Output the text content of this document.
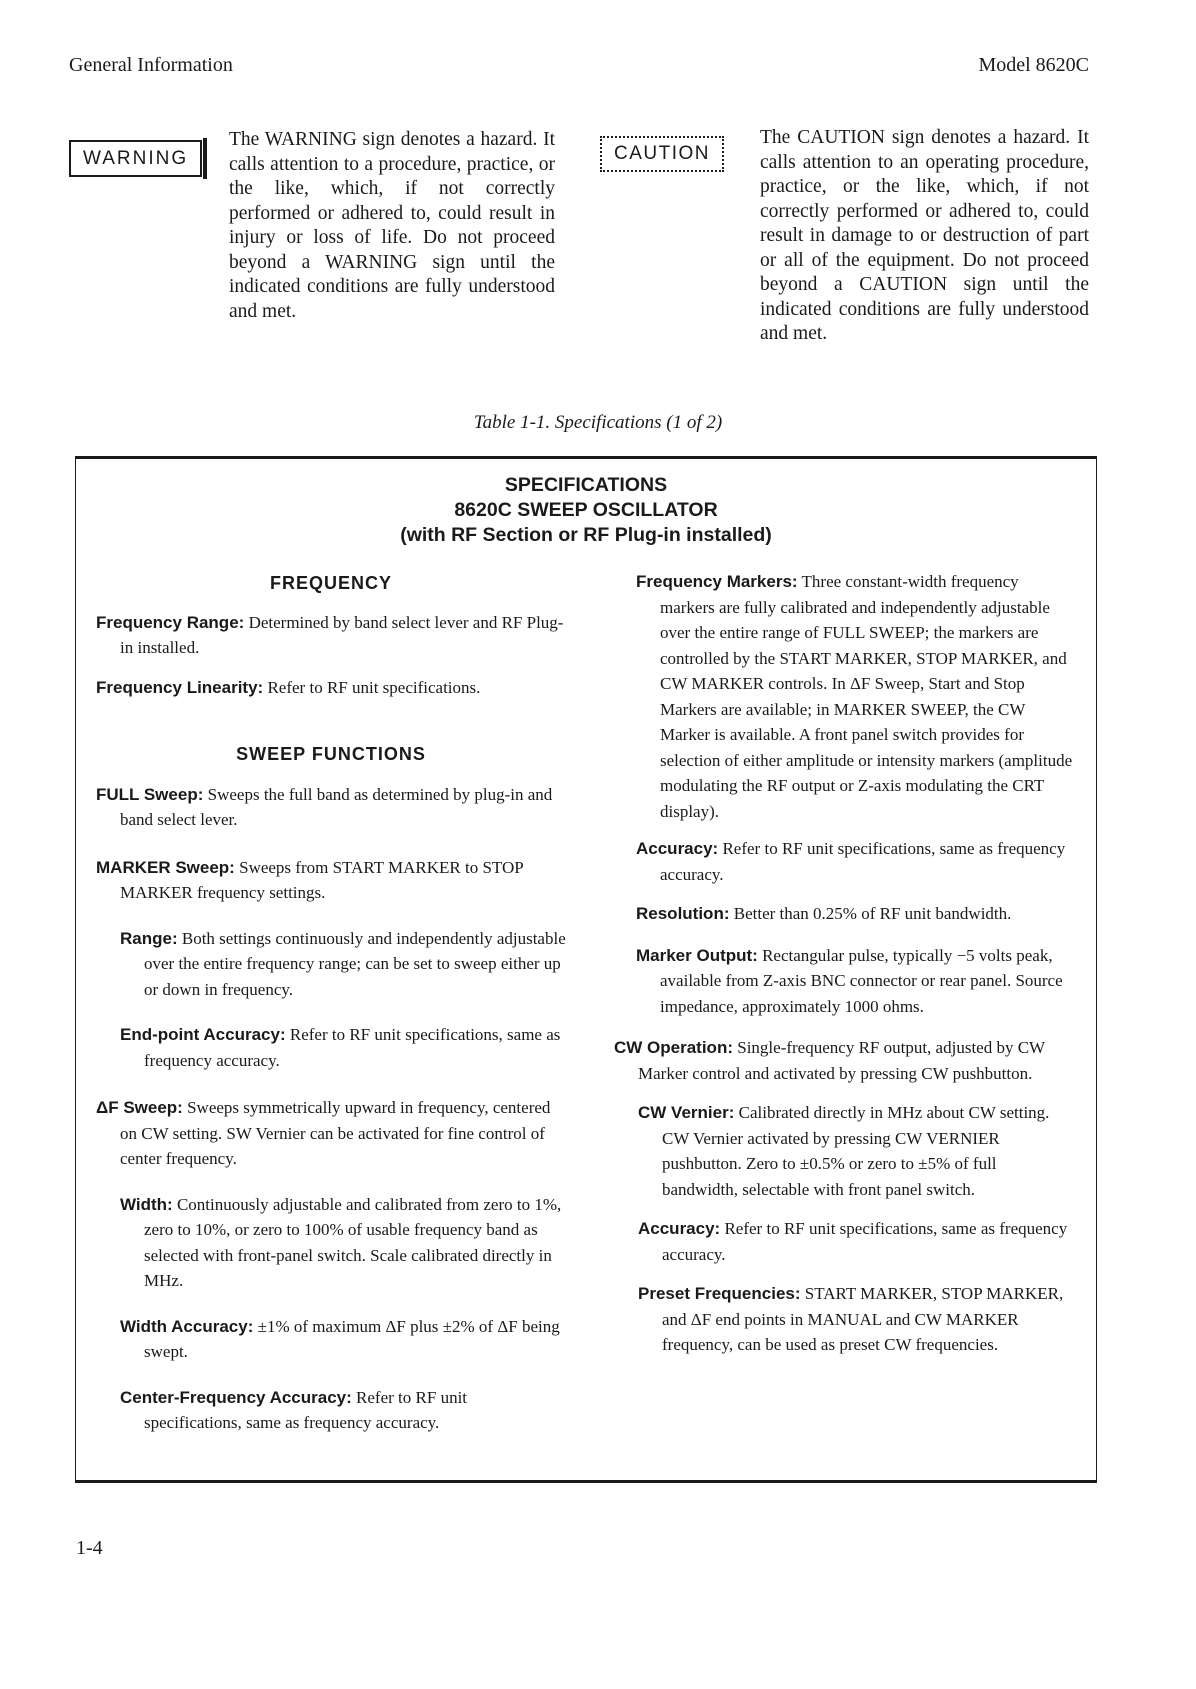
General Information	Model 8620C
WARNING
The WARNING sign denotes a hazard. It calls attention to a procedure, practice, or the like, which, if not correctly performed or adhered to, could result in injury or loss of life. Do not proceed beyond a WARNING sign until the indicated conditions are fully understood and met.
CAUTION
The CAUTION sign denotes a hazard. It calls attention to an operating procedure, practice, or the like, which, if not correctly performed or adhered to, could result in damage to or destruction of part or all of the equipment. Do not proceed beyond a CAUTION sign until the indicated conditions are fully understood and met.
Table 1-1. Specifications (1 of 2)
SPECIFICATIONS
8620C SWEEP OSCILLATOR
(with RF Section or RF Plug-in installed)
FREQUENCY

Frequency Range: Determined by band select lever and RF Plug-in installed.

Frequency Linearity: Refer to RF unit specifications.

SWEEP FUNCTIONS

FULL Sweep: Sweeps the full band as determined by plug-in and band select lever.

MARKER Sweep: Sweeps from START MARKER to STOP MARKER frequency settings.

Range: Both settings continuously and independently adjustable over the entire frequency range; can be set to sweep either up or down in frequency.

End-point Accuracy: Refer to RF unit specifications, same as frequency accuracy.

ΔF Sweep: Sweeps symmetrically upward in frequency, centered on CW setting. SW Vernier can be activated for fine control of center frequency.

Width: Continuously adjustable and calibrated from zero to 1%, zero to 10%, or zero to 100% of usable frequency band as selected with front-panel switch. Scale calibrated directly in MHz.

Width Accuracy: ±1% of maximum ΔF plus ±2% of ΔF being swept.

Center-Frequency Accuracy: Refer to RF unit specifications, same as frequency accuracy.

Frequency Markers: Three constant-width frequency markers are fully calibrated and independently adjustable over the entire range of FULL SWEEP; the markers are controlled by the START MARKER, STOP MARKER, and CW MARKER controls. In ΔF Sweep, Start and Stop Markers are available; in MARKER SWEEP, the CW Marker is available. A front panel switch provides for selection of either amplitude or intensity markers (amplitude modulating the RF output or Z-axis modulating the CRT display).

Accuracy: Refer to RF unit specifications, same as frequency accuracy.

Resolution: Better than 0.25% of RF unit bandwidth.

Marker Output: Rectangular pulse, typically −5 volts peak, available from Z-axis BNC connector or rear panel. Source impedance, approximately 1000 ohms.

CW Operation: Single-frequency RF output, adjusted by CW Marker control and activated by pressing CW pushbutton.

CW Vernier: Calibrated directly in MHz about CW setting. CW Vernier activated by pressing CW VERNIER pushbutton. Zero to ±0.5% or zero to ±5% of full bandwidth, selectable with front panel switch.

Accuracy: Refer to RF unit specifications, same as frequency accuracy.

Preset Frequencies: START MARKER, STOP MARKER, and ΔF end points in MANUAL and CW MARKER frequency, can be used as preset CW frequencies.

1-4
